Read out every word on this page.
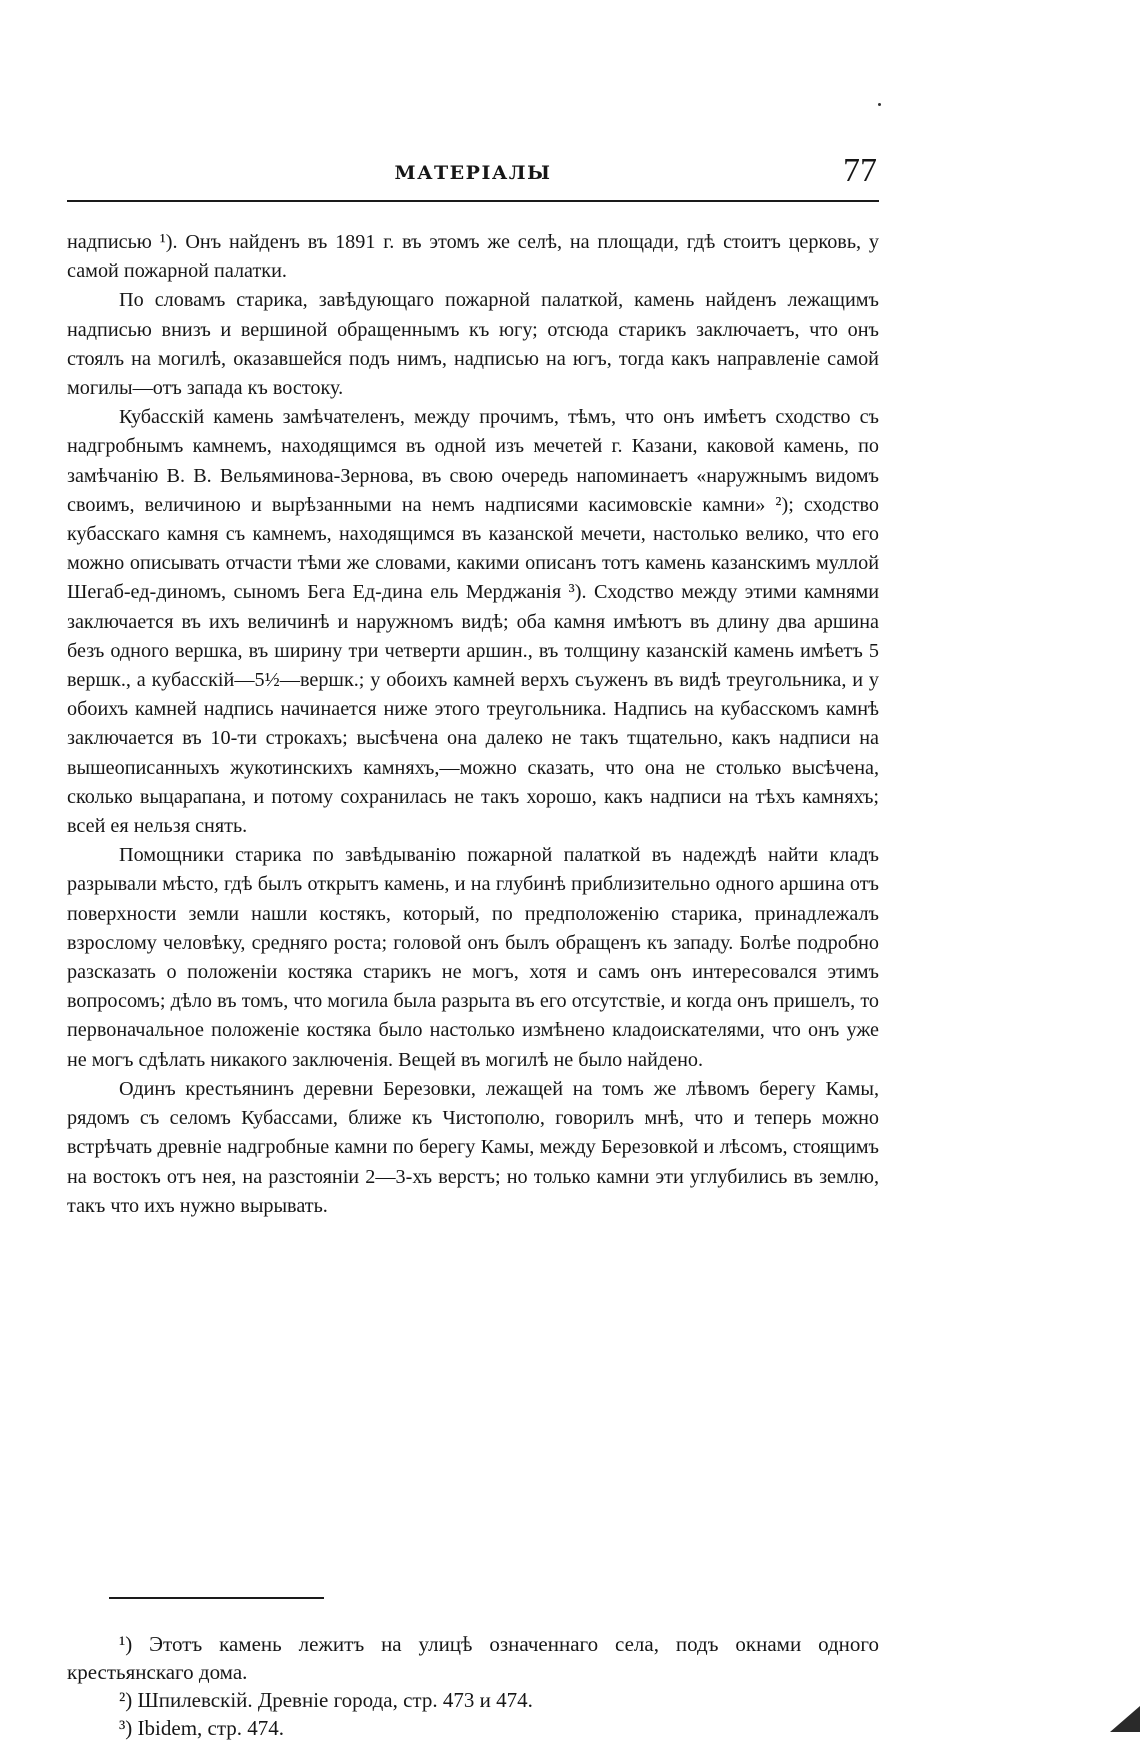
МАТЕРІАЛЫ	77

надписью ¹). Онъ найденъ въ 1891 г. въ этомъ же селѣ, на площади, гдѣ стоитъ церковь, у самой пожарной палатки.

По словамъ старика, завѣдующаго пожарной палаткой, камень найденъ лежащимъ надписью внизъ и вершиной обращеннымъ къ югу; отсюда старикъ заключаетъ, что онъ стоялъ на могилѣ, оказавшейся подъ нимъ, надписью на югъ, тогда какъ направленіе самой могилы—отъ запада къ востоку.

Кубасскій камень замѣчателенъ, между прочимъ, тѣмъ, что онъ имѣетъ сходство съ надгробнымъ камнемъ, находящимся въ одной изъ мечетей г. Казани, каковой камень, по замѣчанію В. В. Вельяминова-Зернова, въ свою очередь напоминаетъ «наружнымъ видомъ своимъ, величиною и вырѣзанными на немъ надписями касимовскіе камни» ²); сходство кубасскаго камня съ камнемъ, находящимся въ казанской мечети, настолько велико, что его можно описывать отчасти тѣми же словами, какими описанъ тотъ камень казанскимъ муллой Шегаб-ед-диномъ, сыномъ Бега Ед-дина ель Мерджанія ³). Сходство между этими камнями заключается въ ихъ величинѣ и наружномъ видѣ; оба камня имѣютъ въ длину два аршина безъ одного вершка, въ ширину три четверти аршин., въ толщину казанскій камень имѣетъ 5 вершк., а кубасскій—5½—вершк.; у обоихъ камней верхъ съуженъ въ видѣ треугольника, и у обоихъ камней надпись начинается ниже этого треугольника. Надпись на кубасскомъ камнѣ заключается въ 10-ти строкахъ; высѣчена она далеко не такъ тщательно, какъ надписи на вышеописанныхъ жукотинскихъ камняхъ,—можно сказать, что она не столько высѣчена, сколько выцарапана, и потому сохранилась не такъ хорошо, какъ надписи на тѣхъ камняхъ; всей ея нельзя снять.

Помощники старика по завѣдыванію пожарной палаткой въ надеждѣ найти кладъ разрывали мѣсто, гдѣ былъ открытъ камень, и на глубинѣ приблизительно одного аршина отъ поверхности земли нашли костякъ, который, по предположенію старика, принадлежалъ взрослому человѣку, средняго роста; головой онъ былъ обращенъ къ западу. Болѣе подробно разсказать о положеніи костяка старикъ не могъ, хотя и самъ онъ интересовался этимъ вопросомъ; дѣло въ томъ, что могила была разрыта въ его отсутствіе, и когда онъ пришелъ, то первоначальное положеніе костяка было настолько измѣнено кладоискателями, что онъ уже не могъ сдѣлать никакого заключенія. Вещей въ могилѣ не было найдено.

Одинъ крестьянинъ деревни Березовки, лежащей на томъ же лѣвомъ берегу Камы, рядомъ съ селомъ Кубассами, ближе къ Чистополю, говорилъ мнѣ, что и теперь можно встрѣчать древніе надгробные камни по берегу Камы, между Березовкой и лѣсомъ, стоящимъ на востокъ отъ нея, на разстояніи 2—3-хъ верстъ; но только камни эти углубились въ землю, такъ что ихъ нужно вырывать.

¹) Этотъ камень лежитъ на улицѣ означеннаго села, подъ окнами одного крестьянскаго дома.

²) Шпилевскій. Древніе города, стр. 473 и 474.

³) Ibidem, стр. 474.
